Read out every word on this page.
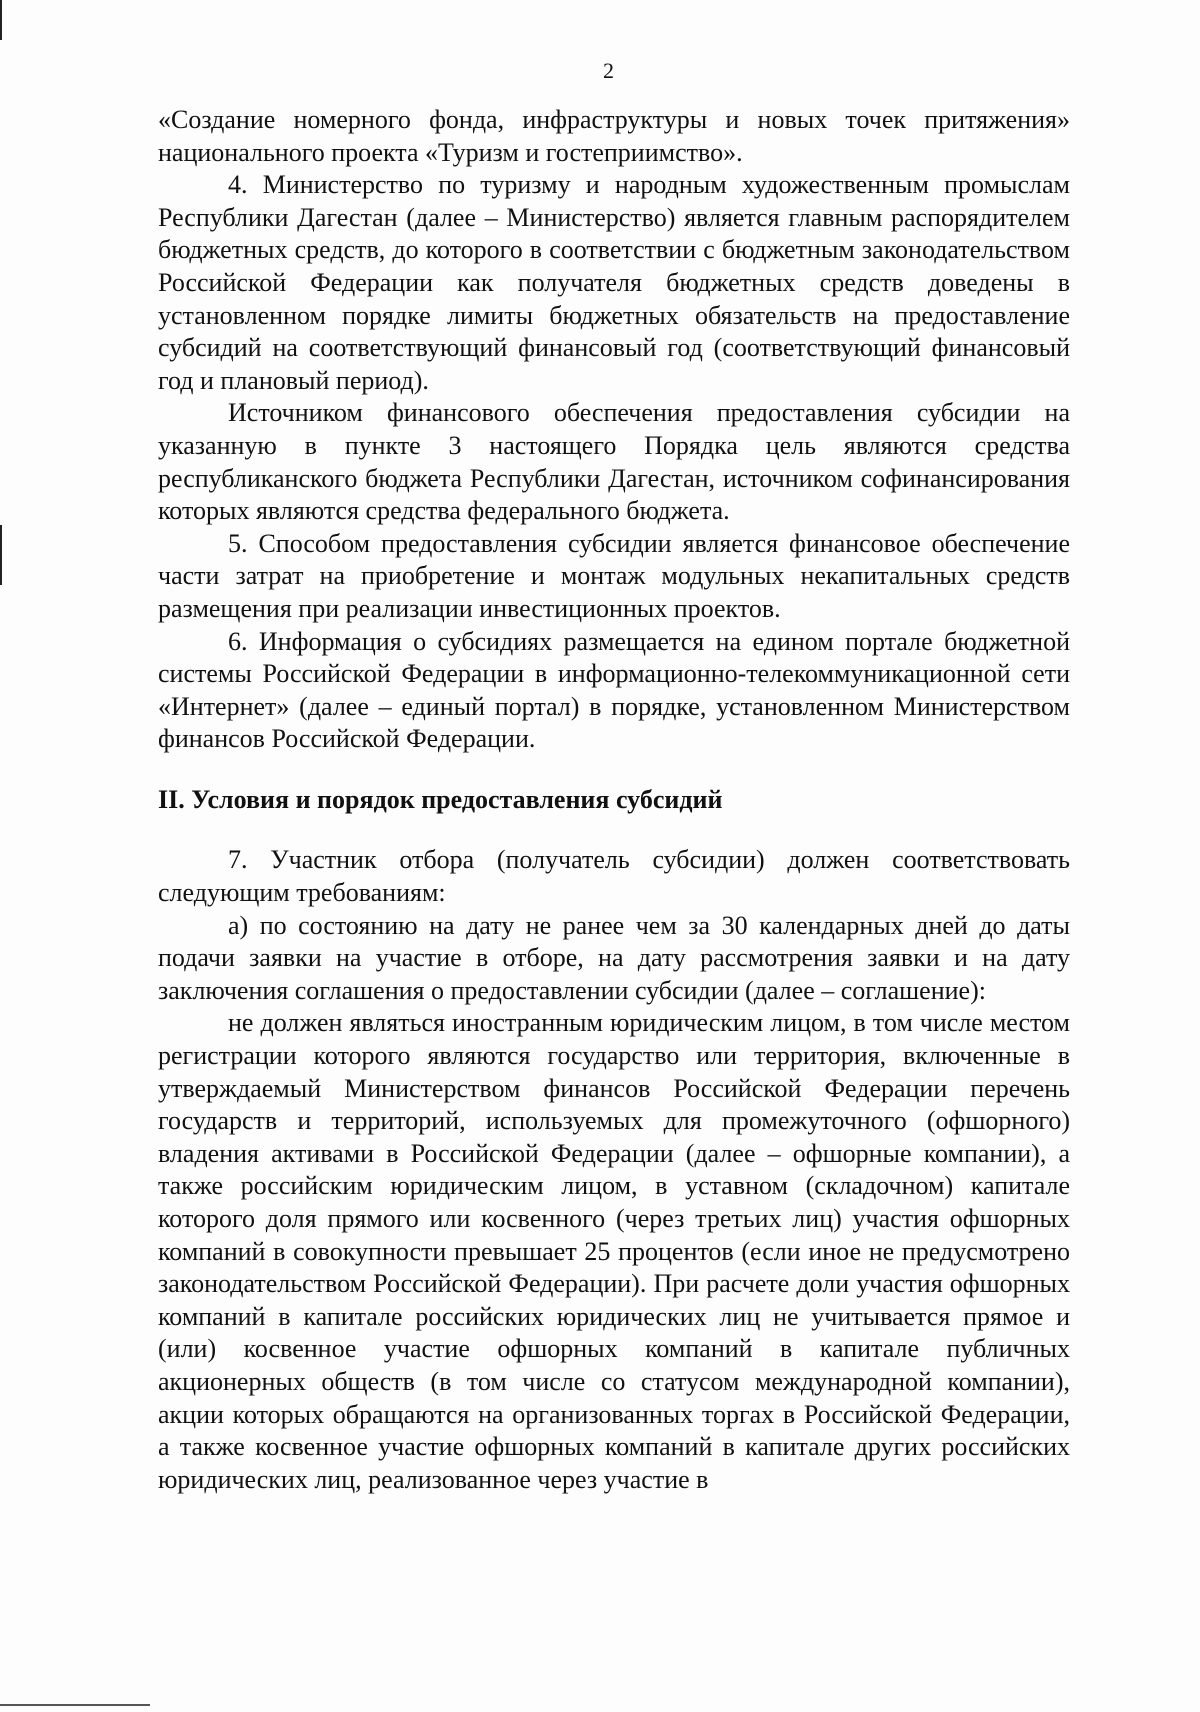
2

«Создание номерного фонда, инфраструктуры и новых точек притяжения» национального проекта «Туризм и гостеприимство».

4. Министерство по туризму и народным художественным промыслам Республики Дагестан (далее – Министерство) является главным распорядителем бюджетных средств, до которого в соответствии с бюджетным законодательством Российской Федерации как получателя бюджетных средств доведены в установленном порядке лимиты бюджетных обязательств на предоставление субсидий на соответствующий финансовый год (соответствующий финансовый год и плановый период).

Источником финансового обеспечения предоставления субсидии на указанную в пункте 3 настоящего Порядка цель являются средства республиканского бюджета Республики Дагестан, источником софинансирования которых являются средства федерального бюджета.

5. Способом предоставления субсидии является финансовое обеспечение части затрат на приобретение и монтаж модульных некапитальных средств размещения при реализации инвестиционных проектов.

6. Информация о субсидиях размещается на едином портале бюджетной системы Российской Федерации в информационно-телекоммуникационной сети «Интернет» (далее – единый портал) в порядке, установленном Министерством финансов Российской Федерации.

II. Условия и порядок предоставления субсидий

7. Участник отбора (получатель субсидии) должен соответствовать следующим требованиям:

а) по состоянию на дату не ранее чем за 30 календарных дней до даты подачи заявки на участие в отборе, на дату рассмотрения заявки и на дату заключения соглашения о предоставлении субсидии (далее – соглашение):

не должен являться иностранным юридическим лицом, в том числе местом регистрации которого являются государство или территория, включенные в утверждаемый Министерством финансов Российской Федерации перечень государств и территорий, используемых для промежуточного (офшорного) владения активами в Российской Федерации (далее – офшорные компании), а также российским юридическим лицом, в уставном (складочном) капитале которого доля прямого или косвенного (через третьих лиц) участия офшорных компаний в совокупности превышает 25 процентов (если иное не предусмотрено законодательством Российской Федерации). При расчете доли участия офшорных компаний в капитале российских юридических лиц не учитывается прямое и (или) косвенное участие офшорных компаний в капитале публичных акционерных обществ (в том числе со статусом международной компании), акции которых обращаются на организованных торгах в Российской Федерации, а также косвенное участие офшорных компаний в капитале других российских юридических лиц, реализованное через участие в
